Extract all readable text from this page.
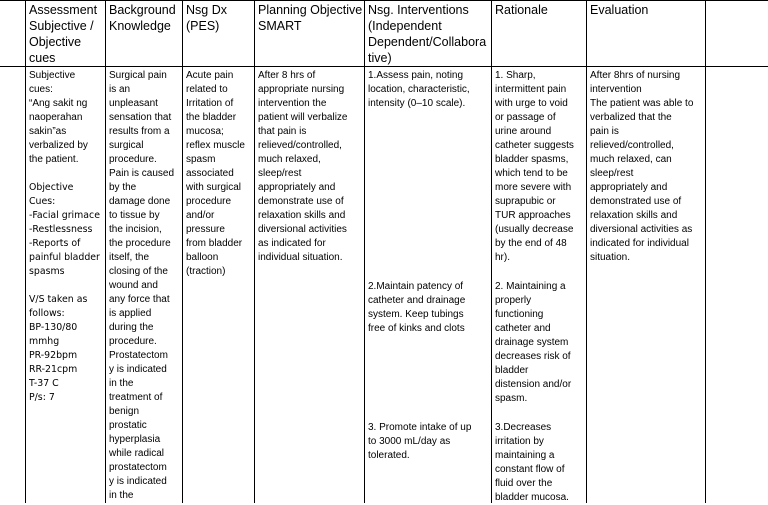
Assessment
Subjective /
Objective
cues
Background
Knowledge
Nsg Dx
(PES)
Planning Objective
SMART
Nsg. Interventions
(Independent
Dependent/Collabora
tive)
Rationale	Evaluation
Subjective
cues:
“Ang sakit ng
naoperahan
sakin”as
verbalized by
the patient.
Objective
Cues:
-Facial grimace
-Restlessness
-Reports of
painful bladder
spasms
V/S taken as
follows:
BP-130/80
mmhg
PR-92bpm
RR-21cpm
T-37 C
P/s: 7
Surgical pain
is an
unpleasant
sensation that
results from a
surgical
procedure.
Pain is caused
by the
damage done
to tissue by
the incision,
the procedure
itself, the
closing of the
wound and
any force that
is applied
during the
procedure.
Prostatectom
y is indicated
in the
treatment of
benign
prostatic
hyperplasia
while radical
prostatectom
y is indicated
in the
Acute pain
related to
Irritation of
the bladder
mucosa;
reflex muscle
spasm
associated
with surgical
procedure
and/or
pressure
from bladder
balloon
(traction)
After 8 hrs of
appropriate nursing
intervention the
patient will verbalize
that pain is
relieved/controlled,
much relaxed,
sleep/rest
appropriately and
demonstrate use of
relaxation skills and
diversional activities
as indicated for
individual situation.
1.Assess pain, noting
location, characteristic,
intensity (0–10 scale).
2.Maintain patency of
catheter and drainage
system. Keep tubings
free of kinks and clots
3. Promote intake of up
to 3000 mL/day as
tolerated.
1. Sharp,
intermittent pain
with urge to void
or passage of
urine around
catheter suggests
bladder spasms,
which tend to be
more severe with
suprapubic or
TUR approaches
(usually decrease
by the end of 48
hr).
2. Maintaining a
properly
functioning
catheter and
drainage system
decreases risk of
bladder
distension and/or
spasm.
3.Decreases
irritation by
maintaining a
constant flow of
fluid over the
bladder mucosa.
After 8hrs of nursing
intervention
The patient was able to
verbalized that the
pain is
relieved/controlled,
much relaxed, can
sleep/rest
appropriately and
demonstrated use of
relaxation skills and
diversional activities as
indicated for individual
situation.
